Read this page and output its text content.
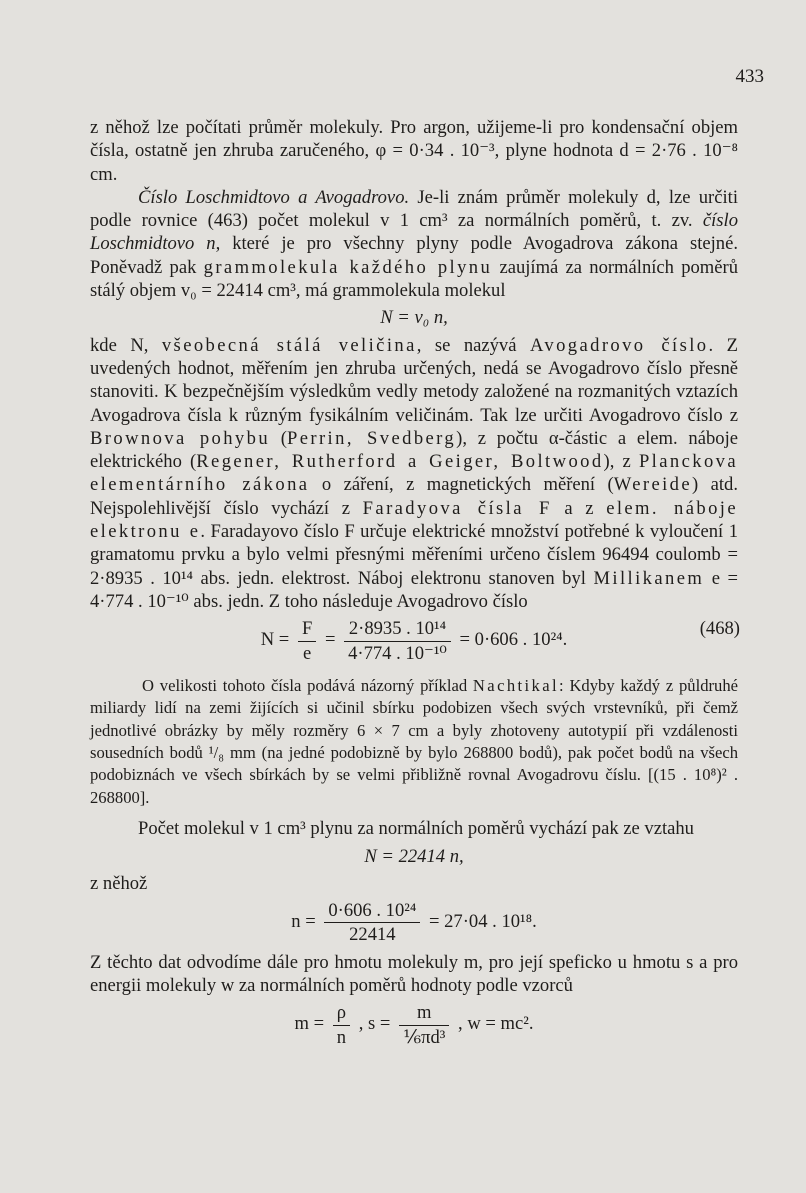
433

z něhož lze počítati průměr molekuly. Pro argon, užijeme-li pro kondensační objem čísla, ostatně jen zhruba zaručeného, φ = 0·34 . 10⁻³, plyne hodnota d = 2·76 . 10⁻⁸ cm.

Číslo Loschmidtovo a Avogadrovo. Je-li znám průměr molekuly d, lze určiti podle rovnice (463) počet molekul v 1 cm³ za normálních poměrů, t. zv. číslo Loschmidtovo n, které je pro všechny plyny podle Avogadrova zákona stejné. Poněvadž pak grammolekula každého plynu zaujímá za normálních poměrů stálý objem v₀ = 22414 cm³, má grammolekula molekul

N = v₀ n,

kde N, všeobecná stálá veličina, se nazývá Avogadrovo číslo. Z uvedených hodnot, měřením jen zhruba určených, nedá se Avogadrovo číslo přesně stanoviti. K bezpečnějším výsledkům vedly metody založené na rozmanitých vztazích Avogadrova čísla k různým fysikálním veličinám. Tak lze určiti Avogadrovo číslo z Brownova pohybu (Perrin, Svedberg), z počtu α-částic a elem. náboje elektrického (Regener, Rutherford a Geiger, Boltwood), z Planckova elementárního zákona o záření, z magnetických měření (Wereide) atd. Nejspolehlivější číslo vychází z Faradyova čísla F a z elem. náboje elektronu e. Faradayovo číslo F určuje elektrické množství potřebné k vyloučení 1 gramatomu prvku a bylo velmi přesnými měřeními určeno číslem 96494 coulomb = 2·8935 . 10¹⁴ abs. jedn. elektrost. Náboj elektronu stanoven byl Millikanem e = 4·774 . 10⁻¹⁰ abs. jedn. Z toho následuje Avogadrovo číslo

$N = \frac{F}{e} = \frac{\text{2·8935 . 10¹⁴}}{\text{4·774 . 10⁻¹⁰}} = 0\cdot 606$ . 10²⁴.
(468)

O velikosti tohoto čísla podává názorný příklad Nachtikal: Kdyby každý z půldruhé miliardy lidí na zemi žijících si učinil sbírku podobizen všech svých vrstevníků, při čemž jednotlivé obrázky by měly rozměry 6 × 7 cm a byly zhotoveny autotypií při vzdálenosti sousedních bodů ¹/₈ mm (na jedné podobizně by bylo 268800 bodů), pak počet bodů na všech podobiznách ve všech sbírkách by se velmi přibližně rovnal Avogadrovu číslu. [(15 . 10⁸)² . 268800].

Počet molekul v 1 cm³ plynu za normálních poměrů vychází pak ze vztahu

N = 22414 n,

z něhož

$n = \frac{\text{0·606 . 10²⁴}}{22414} = 27\cdot 04$ . 10¹⁸.

Z těchto dat odvodíme dále pro hmotu molekuly m, pro její speficko u hmotu s a pro energii molekuly w za normálních poměrů hodnoty podle vzorců

$m = \frac{\rho}{n}$ , $s = \frac{m}{\text{⅙πd³}}$ , w = mc².
